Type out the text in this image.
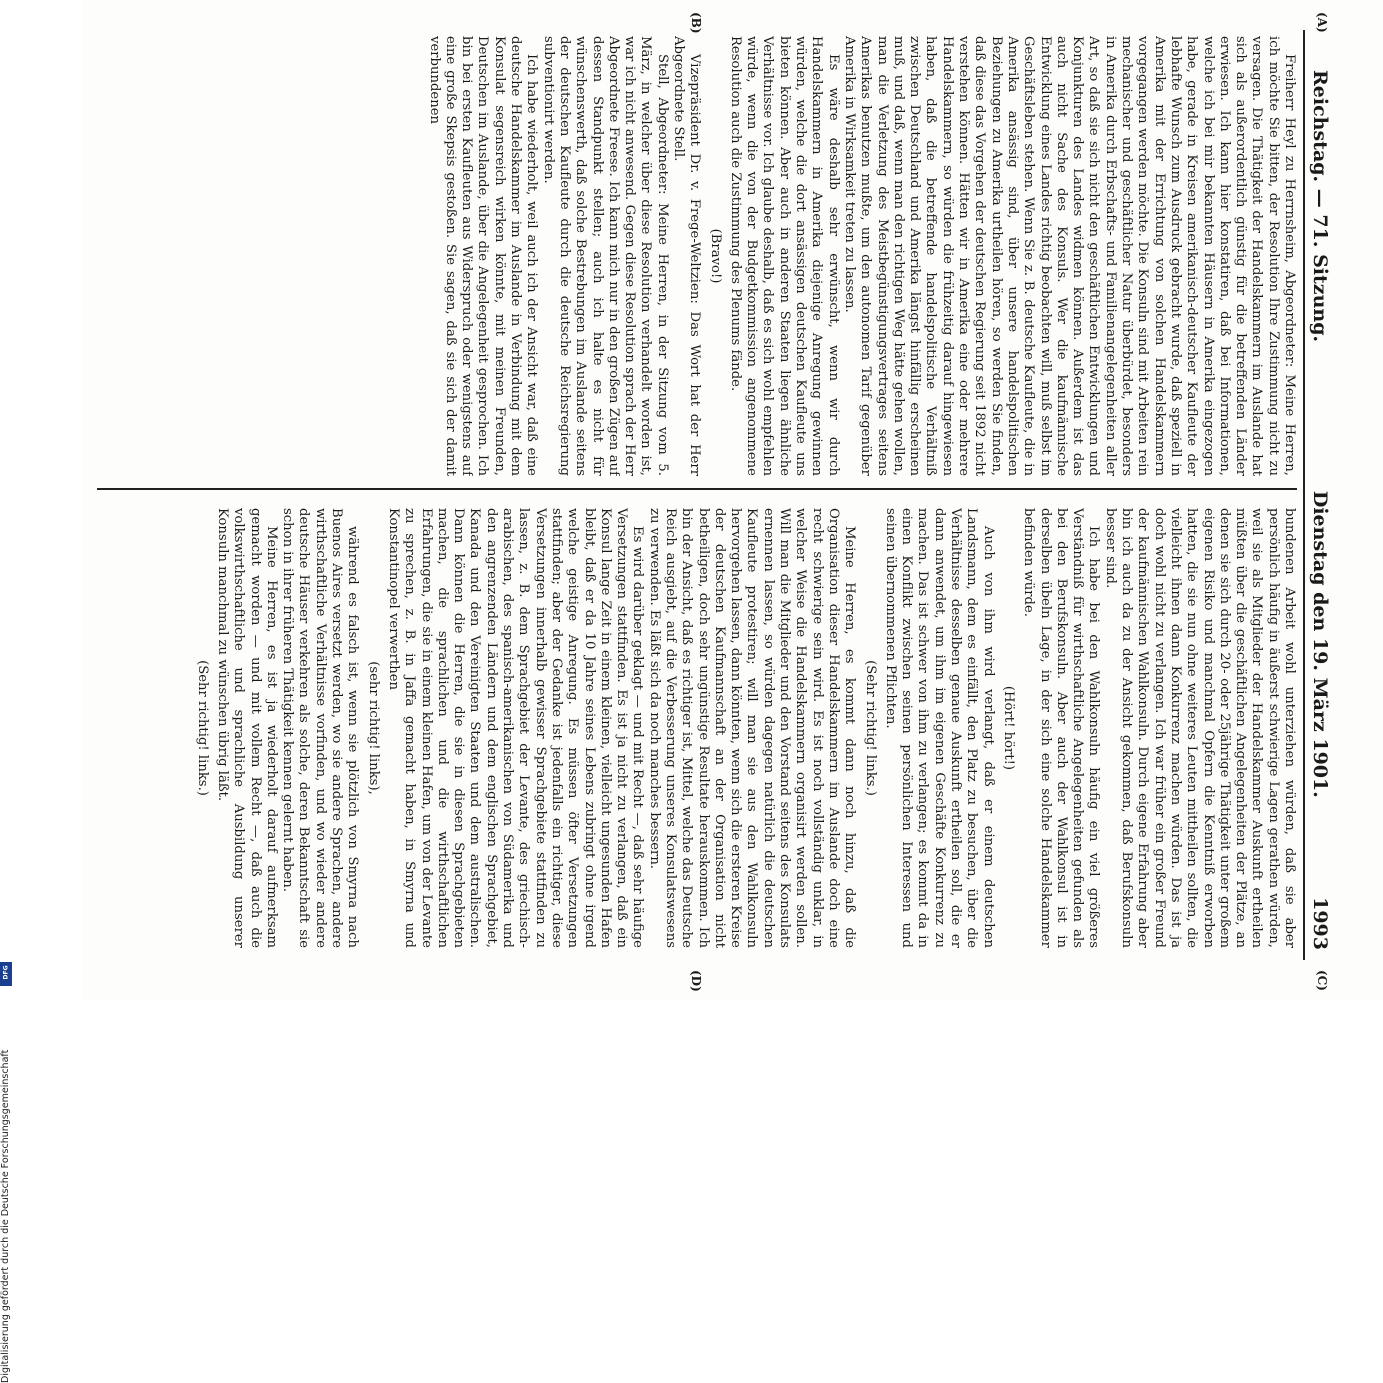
Reichstag. — 71. Sitzung.
Dienstag den 19. März 1901.               1993
(A)
(B)
(C)
(D)

Freiherr Heyl zu Herrnsheim, Abgeordneter: Meine Herren, ich möchte Sie bitten, der Resolution Ihre Zustimmung nicht zu versagen. Die Thätigkeit der Handelskammern im Auslande hat sich als außerordentlich günstig für die betreffenden Länder erwiesen. Ich kann hier konstatiren, daß bei Informationen, welche ich bei mir bekannten Häusern in Amerika eingezogen habe, gerade in Kreisen amerikanisch-deutscher Kaufleute der lebhafte Wunsch zum Ausdruck gebracht wurde, daß speziell in Amerika mit der Errichtung von solchen Handelskammern vorgegangen werden möchte. Die Konsuln sind mit Arbeiten rein mechanischer und geschäftlicher Natur überbürdet, besonders in Amerika durch Erbschafts- und Familienangelegenheiten aller Art, so daß sie sich nicht den geschäftlichen Entwicklungen und Konjunkturen des Landes widmen können. Außerdem ist das auch nicht Sache des Konsuls. Wer die kaufmännische Entwicklung eines Landes richtig beobachten will, muß selbst im Geschäftsleben stehen. Wenn Sie z. B. deutsche Kaufleute, die in Amerika ansässig sind, über unsere handelspolitischen Beziehungen zu Amerika urtheilen hören, so werden Sie finden, daß diese das Vorgehen der deutschen Regierung seit 1892 nicht verstehen können. Hätten wir in Amerika eine oder mehrere Handelskammern, so würden die frühzeitig darauf hingewiesen haben, daß die betreffende handelspolitische Verhältniß zwischen Deutschland und Amerika längst hinfällig erscheinen muß, und daß, wenn man den richtigen Weg hätte gehen wollen, man die Verletzung des Meistbegünstigungsvertrages seitens Amerikas benutzen mußte, um den autonomen Tarif gegenüber Amerika in Wirksamkeit treten zu lassen.

Es wäre deshalb sehr erwünscht, wenn wir durch Handelskammern in Amerika diejenige Anregung gewinnen würden, welche die dort ansässigen deutschen Kaufleute uns bieten können. Aber auch in anderen Staaten liegen ähnliche Verhältnisse vor. Ich glaube deshalb, daß es sich wohl empfehlen würde, wenn die von der Budgetkommission angenommene Resolution auch die Zustimmung des Plenums fände.

(Bravo!)

Vizepräsident Dr. v. Frege-Weltzien: Das Wort hat der Herr Abgeordnete Stell.

Stell, Abgeordneter: Meine Herren, in der Sitzung vom 5. März, in welcher über diese Resolution verhandelt worden ist, war ich nicht anwesend. Gegen diese Resolution sprach der Herr Abgeordnete Freese. Ich kann mich nur in den großen Zügen auf dessen Standpunkt stellen; auch ich halte es nicht für wünschenswerth, daß solche Bestrebungen im Auslande seitens der deutschen Kaufleute durch die deutsche Reichsregierung subventionirt werden.

Ich habe wiederholt, weil auch ich der Ansicht war, daß eine deutsche Handelskammer im Auslande in Verbindung mit dem Konsulat segensreich wirken könnte, mit meinen Freunden, Deutschen im Auslande, über die Angelegenheit gesprochen. Ich bin bei ersten Kaufleuten aus Widerspruch oder wenigstens auf eine große Skepsis gestoßen. Sie sagen, daß sie sich der damit verbundenen

bundenen Arbeit wohl unterziehen würden, daß sie aber persönlich häufig in äußerst schwierige Lagen gerathen würden, weil sie als Mitglieder der Handelskammer Auskunft ertheilen müßten über die geschäftlichen Angelegenheiten der Plätze, an denen sie sich durch 20- oder 25jährige Thätigkeit unter großem eigenen Risiko und manchmal Opfern die Kenntniß erworben hatten, die sie nun ohne weiteres Leuten mittheilen sollten, die vielleicht ihnen dann Konkurrenz machen würden. Das ist ja doch wohl nicht zu verlangen. Ich war früher ein großer Freund der kaufmännischen Wahlkonsuln. Durch eigene Erfahrung aber bin ich auch da zu der Ansicht gekommen, daß Berufskonsuln besser sind.

Ich habe bei den Wahlkonsuln häufig ein viel größeres Verständniß für wirthschaftliche Angelegenheiten gefunden als bei den Berufskonsuln. Aber auch der Wahlkonsul ist in derselben übeln Lage, in der sich eine solche Handelskammer befinden würde.

(Hört! hört!)

Auch von ihm wird verlangt, daß er einem deutschen Landsmann, dem es einfällt, den Platz zu besuchen, über die Verhältnisse desselben genaue Auskunft ertheilen soll, die er dann anwendet, um ihm im eigenen Geschäfte Konkurrenz zu machen. Das ist schwer von ihm zu verlangen; es kommt da in einen Konflikt zwischen seinen persönlichen Interessen und seinen übernommenen Pflichten.

(Sehr richtig! links.)

Meine Herren, es kommt dann noch hinzu, daß die Organisation dieser Handelskammern im Auslande doch eine recht schwierige sein wird. Es ist noch vollständig unklar, in welcher Weise die Handelskammern organisirt werden sollen. Will man die Mitglieder und den Vorstand seitens des Konsulats ernennen lassen, so würden dagegen natürlich die deutschen Kaufleute protestiren; will man sie aus den Wahlkonsuln hervorgehen lassen, dann könnten, wenn sich die ersteren Kreise der deutschen Kaufmannschaft an der Organisation nicht betheiligen, doch sehr ungünstige Resultate herauskommen. Ich bin der Ansicht, daß es richtiger ist, Mittel, welche das Deutsche Reich ausgiebt, auf die Verbesserung unseres Konsulatswesens zu verwenden. Es läßt sich da noch manches bessern.

Es wird darüber geklagt — und mit Recht —, daß sehr häufige Versetzungen stattfinden. Es ist ja nicht zu verlangen, daß ein Konsul lange Zeit in einem kleinen, vielleicht ungesunden Hafen bleibt, daß er da 10 Jahre seines Lebens zubringt ohne irgend welche geistige Anregung. Es müssen öfter Versetzungen stattfinden; aber der Gedanke ist jedenfalls ein richtiger, diese Versetzungen innerhalb gewisser Sprachgebiete stattfinden zu lassen, z. B. dem Sprachgebiet der Levante, des griechisch-arabischen, des spanisch-amerikanischen von Südamerika und den angrenzenden Ländern und dem englischen Sprachgebiet, Kanada und den Vereinigten Staaten und dem australischen. Dann können die Herren, die sie in diesen Sprachgebieten machen, die sprachlichen und die wirthschaftlichen Erfahrungen, die sie in einem kleinen Hafen, um von der Levante zu sprechen, z. B. in Jaffa gemacht haben, in Smyrna und Konstantinopel verwerthen

(sehr richtig! links),

während es falsch ist, wenn sie plötzlich von Smyrna nach Buenos Aires versetzt werden, wo sie andere Sprachen, andere wirthschaftliche Verhältnisse vorfinden, und wo wieder andere deutsche Häuser verkehren als solche, deren Bekanntschaft sie schon in ihrer früheren Thätigkeit kennen gelernt haben.

Meine Herren, es ist ja wiederholt darauf aufmerksam gemacht worden — und mit vollem Recht —, daß auch die volkswirthschaftliche und sprachliche Ausbildung unserer Konsuln manchmal zu wünschen übrig läßt.

(Sehr richtig! links.)

Digitalisierung gefördert durch die Deutsche Forschungsgemeinschaft
DFG
